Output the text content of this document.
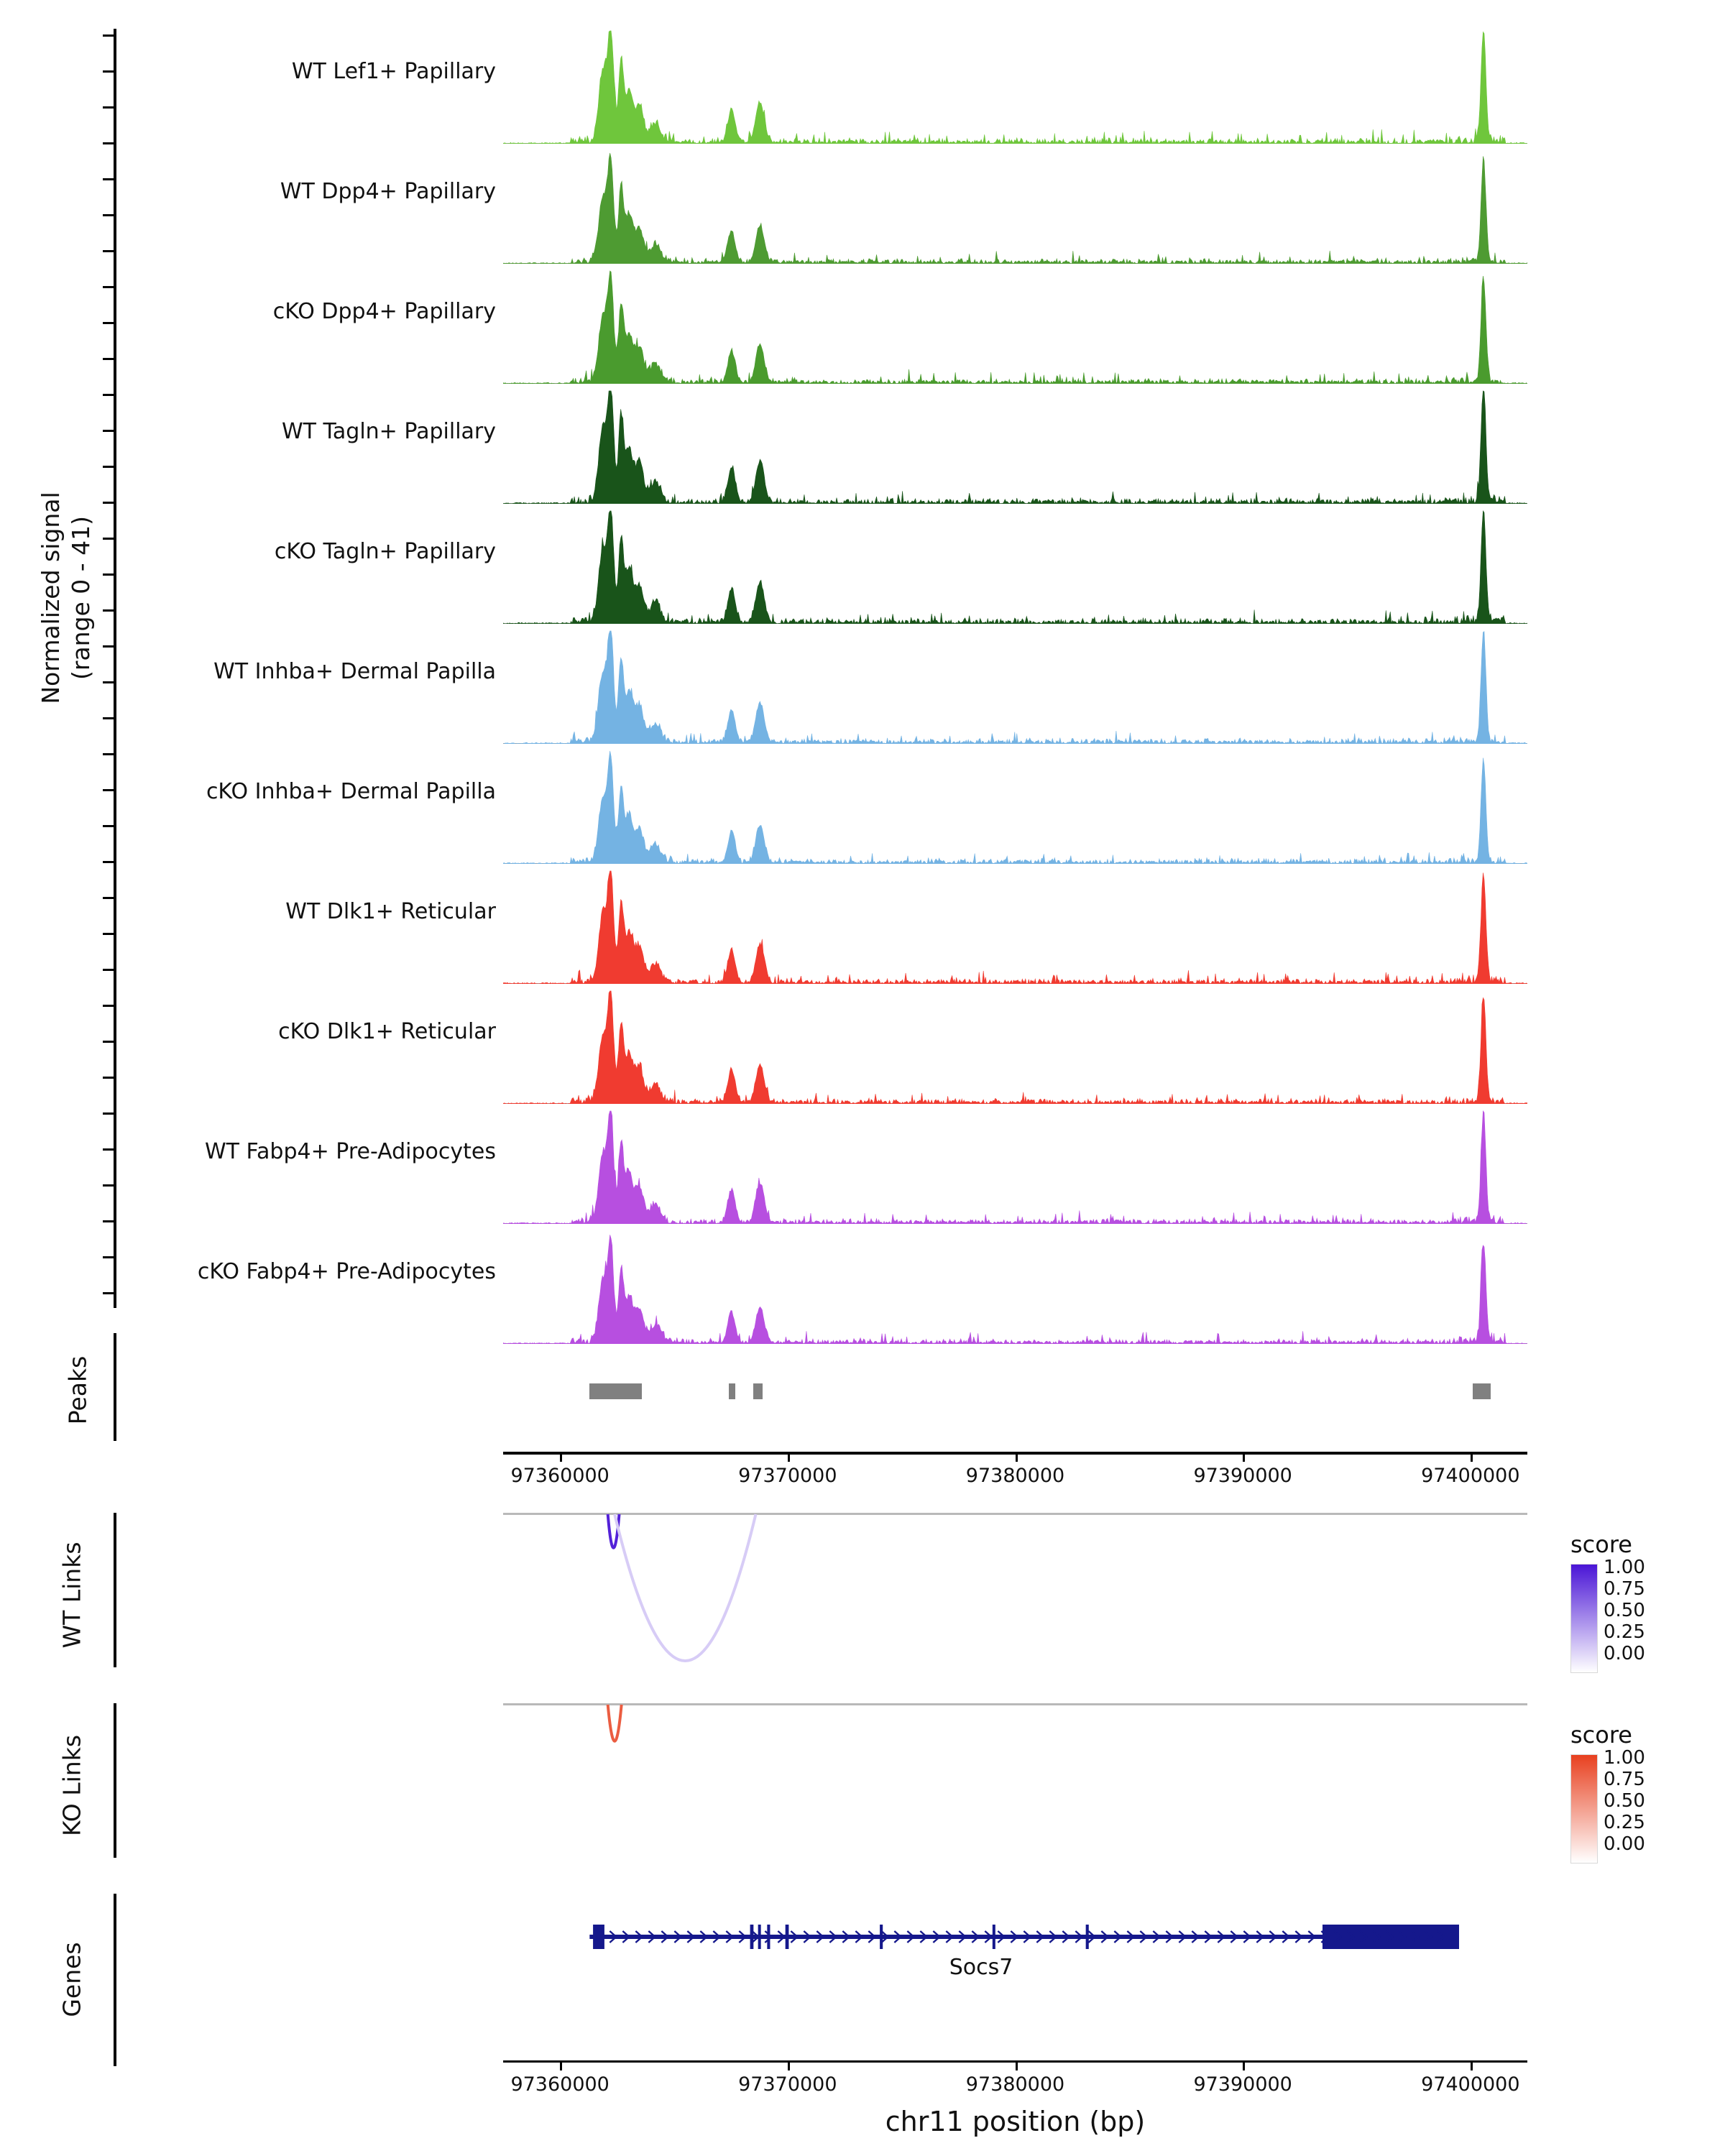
Normalized signal (range 0 - 41)
WT Lef1+ Papillary
WT Dpp4+ Papillary
cKO Dpp4+ Papillary
WT Tagln+ Papillary
cKO Tagln+ Papillary
WT Inhba+ Dermal Papilla
cKO Inhba+ Dermal Papilla
WT Dlk1+ Reticular
cKO Dlk1+ Reticular
WT Fabp4+ Pre-Adipocytes
cKO Fabp4+ Pre-Adipocytes
Peaks
97360000	97370000	97380000	97390000	97400000
WT Links	score
1.00
0.75
0.50
0.25
0.00
KO Links	score
1.00
0.75
0.50
0.25
0.00
Genes	Socs7
97360000	97370000	97380000	97390000	97400000
chr11 position (bp)
